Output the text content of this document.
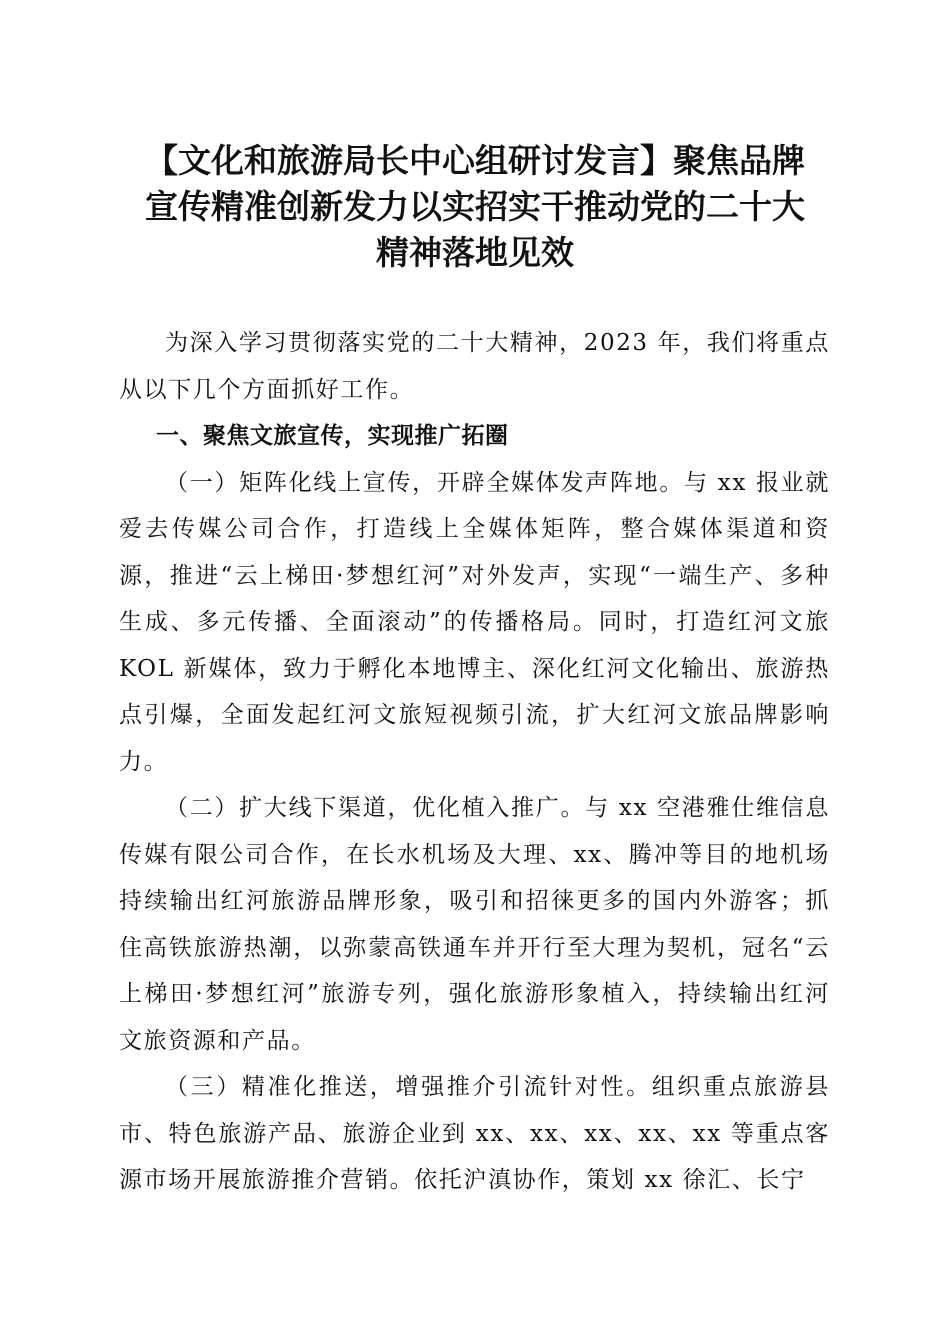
【文化和旅游局长中心组研讨发言】聚焦品牌
宣传精准创新发力以实招实干推动党的二十大
精神落地见效

为深入学习贯彻落实党的二十大精神，2023 年，我们将重点从以下几个方面抓好工作。

一、聚焦文旅宣传，实现推广拓圈

（一）矩阵化线上宣传，开辟全媒体发声阵地。与 xx 报业就爱去传媒公司合作，打造线上全媒体矩阵，整合媒体渠道和资源，推进“云上梯田·梦想红河”对外发声，实现“一端生产、多种生成、多元传播、全面滚动”的传播格局。同时，打造红河文旅 KOL 新媒体，致力于孵化本地博主、深化红河文化输出、旅游热点引爆，全面发起红河文旅短视频引流，扩大红河文旅品牌影响力。

（二）扩大线下渠道，优化植入推广。与 xx 空港雅仕维信息传媒有限公司合作，在长水机场及大理、xx、腾冲等目的地机场持续输出红河旅游品牌形象，吸引和招徕更多的国内外游客；抓住高铁旅游热潮，以弥蒙高铁通车并开行至大理为契机，冠名“云上梯田·梦想红河”旅游专列，强化旅游形象植入，持续输出红河文旅资源和产品。

（三）精准化推送，增强推介引流针对性。组织重点旅游县市、特色旅游产品、旅游企业到 xx、xx、xx、xx、xx 等重点客源市场开展旅游推介营销。依托沪滇协作，策划 xx 徐汇、长宁
